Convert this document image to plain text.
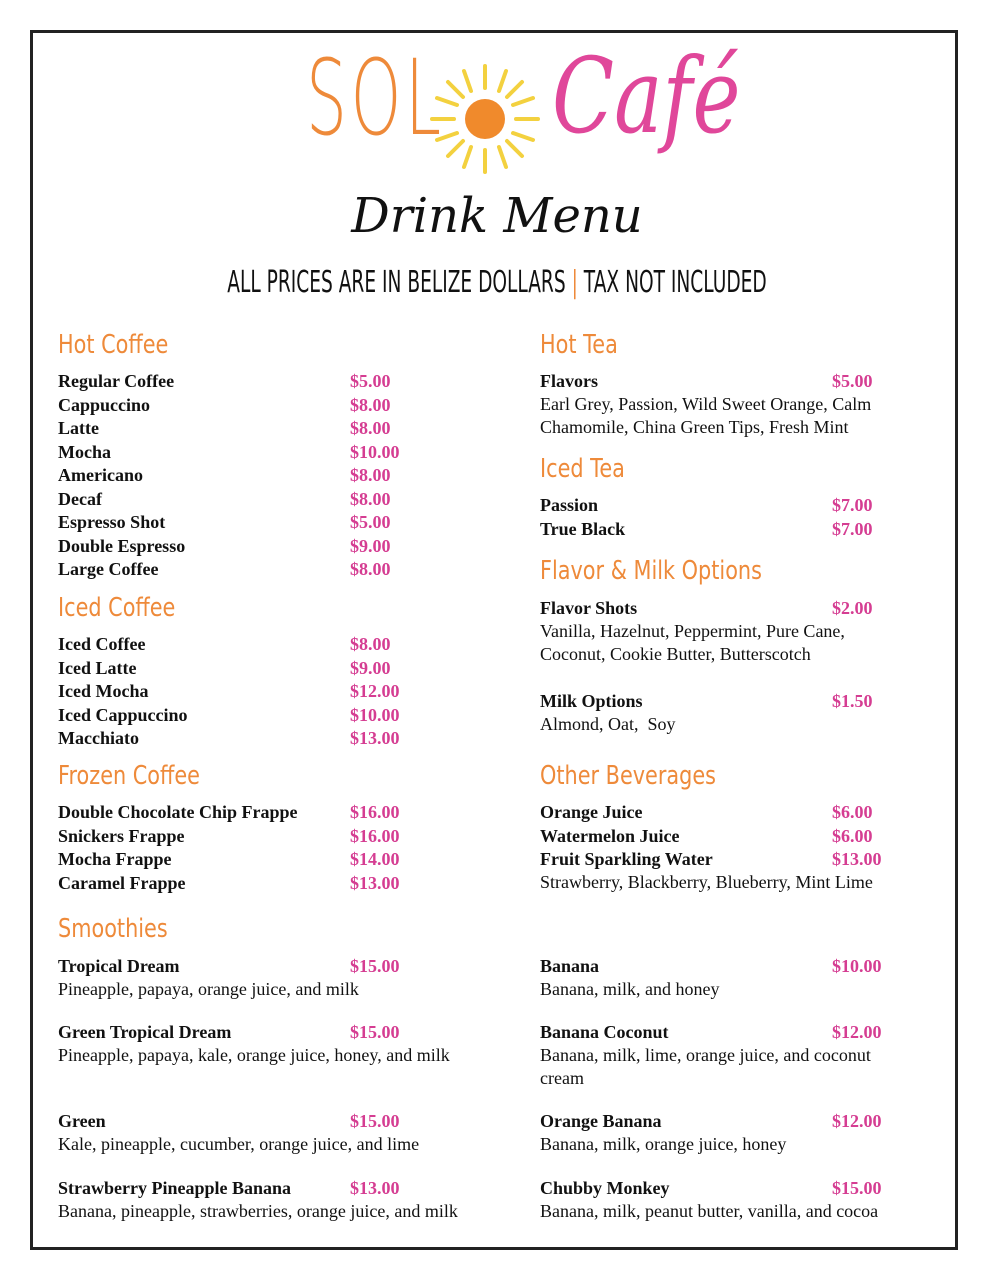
SOL Café
Drink Menu
ALL PRICES ARE IN BELIZE DOLLARS | TAX NOT INCLUDED
Hot Coffee
Regular Coffee	$5.00
Cappuccino	$8.00
Latte	$8.00
Mocha	$10.00
Americano	$8.00
Decaf	$8.00
Espresso Shot	$5.00
Double Espresso	$9.00
Large Coffee	$8.00
Iced Coffee
Iced Coffee	$8.00
Iced Latte	$9.00
Iced Mocha	$12.00
Iced Cappuccino	$10.00
Macchiato	$13.00
Frozen Coffee
Double Chocolate Chip Frappe	$16.00
Snickers Frappe	$16.00
Mocha Frappe	$14.00
Caramel Frappe	$13.00
Smoothies
Tropical Dream	$15.00
Pineapple, papaya, orange juice, and milk
Green Tropical Dream	$15.00
Pineapple, papaya, kale, orange juice, honey, and milk
Green	$15.00
Kale, pineapple, cucumber, orange juice, and lime
Strawberry Pineapple Banana	$13.00
Banana, pineapple, strawberries, orange juice, and milk
Hot Tea
Flavors	$5.00
Earl Grey, Passion, Wild Sweet Orange, Calm Chamomile, China Green Tips, Fresh Mint
Iced Tea
Passion	$7.00
True Black	$7.00
Flavor & Milk Options
Flavor Shots	$2.00
Vanilla, Hazelnut, Peppermint, Pure Cane, Coconut, Cookie Butter, Butterscotch
Milk Options	$1.50
Almond, Oat,  Soy
Other Beverages
Orange Juice	$6.00
Watermelon Juice	$6.00
Fruit Sparkling Water	$13.00
Strawberry, Blackberry, Blueberry, Mint Lime
Banana	$10.00
Banana, milk, and honey
Banana Coconut	$12.00
Banana, milk, lime, orange juice, and coconut cream
Orange Banana	$12.00
Banana, milk, orange juice, honey
Chubby Monkey	$15.00
Banana, milk, peanut butter, vanilla, and cocoa
